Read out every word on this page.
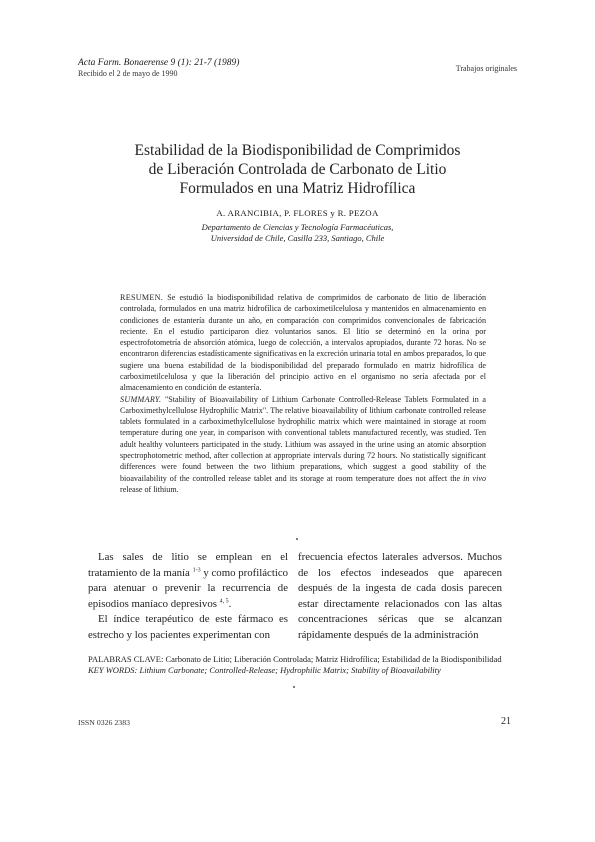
Acta Farm. Bonaerense 9 (1): 21-7 (1989)
Recibido el 2 de mayo de 1990
Trabajos originales
Estabilidad de la Biodisponibilidad de Comprimidos
de Liberación Controlada de Carbonato de Litio
Formulados en una Matriz Hidrofílica
A. ARANCIBIA, P. FLORES y R. PEZOA
Departamento de Ciencias y Tecnología Farmacéuticas,
Universidad de Chile, Casilla 233, Santiago, Chile

RESUMEN. Se estudió la biodisponibilidad relativa de comprimidos de carbonato de litio de liberación controlada, formulados en una matriz hidrofílica de carboximetilcelulosa y mantenidos en almacenamiento en condiciones de estantería durante un año, en comparación con comprimidos convencionales de fabricación reciente. En el estudio participaron diez voluntarios sanos. El litio se determinó en la orina por espectrofotometría de absorción atómica, luego de colección, a intervalos apropiados, durante 72 horas. No se encontraron diferencias estadísticamente significativas en la excreción urinaria total en ambos preparados, lo que sugiere una buena estabilidad de la biodisponibilidad del preparado formulado en matriz hidrofílica de carboximetilcelulosa y que la liberación del principio activo en el organismo no sería afectada por el almacenamiento en condición de estantería.

SUMMARY. "Stability of Bioavailability of Lithium Carbonate Controlled-Release Tablets Formulated in a Carboximethylcellulose Hydrophilic Matrix". The relative bioavailability of lithium carbonate controlled release tablets formulated in a carboximethylcellulose hydrophilic matrix which were maintained in storage at room temperature during one year, in comparison with conventional tablets manufactured recently, was studied. Ten adult healthy volunteers participated in the study. Lithium was assayed in the urine using an atomic absorption spectrophotometric method, after collection at appropriate intervals during 72 hours. No statistically significant differences were found between the two lithium preparations, which suggest a good stability of the bioavailability of the controlled release tablet and its storage at room temperature does not affect the in vivo release of lithium.

Las sales de litio se emplean en el tratamiento de la manía $^{1-3}$ y como profiláctico para atenuar o prevenir la recurrencia de episodios maníaco depresivos $^{4, 5}$.

El índice terapéutico de este fármaco es estrecho y los pacientes experimentan con

frecuencia efectos laterales adversos. Muchos de los efectos indeseados que aparecen después de la ingesta de cada dosis parecen estar directamente relacionados con las altas concentraciones séricas que se alcanzan rápidamente después de la administración

PALABRAS CLAVE: Carbonato de Litio; Liberación Controlada; Matriz Hidrofílica; Estabilidad de la Biodisponibilidad

KEY WORDS: Lithium Carbonate; Controlled-Release; Hydrophilic Matrix; Stability of Bioavailability

ISSN 0326 2383	21
